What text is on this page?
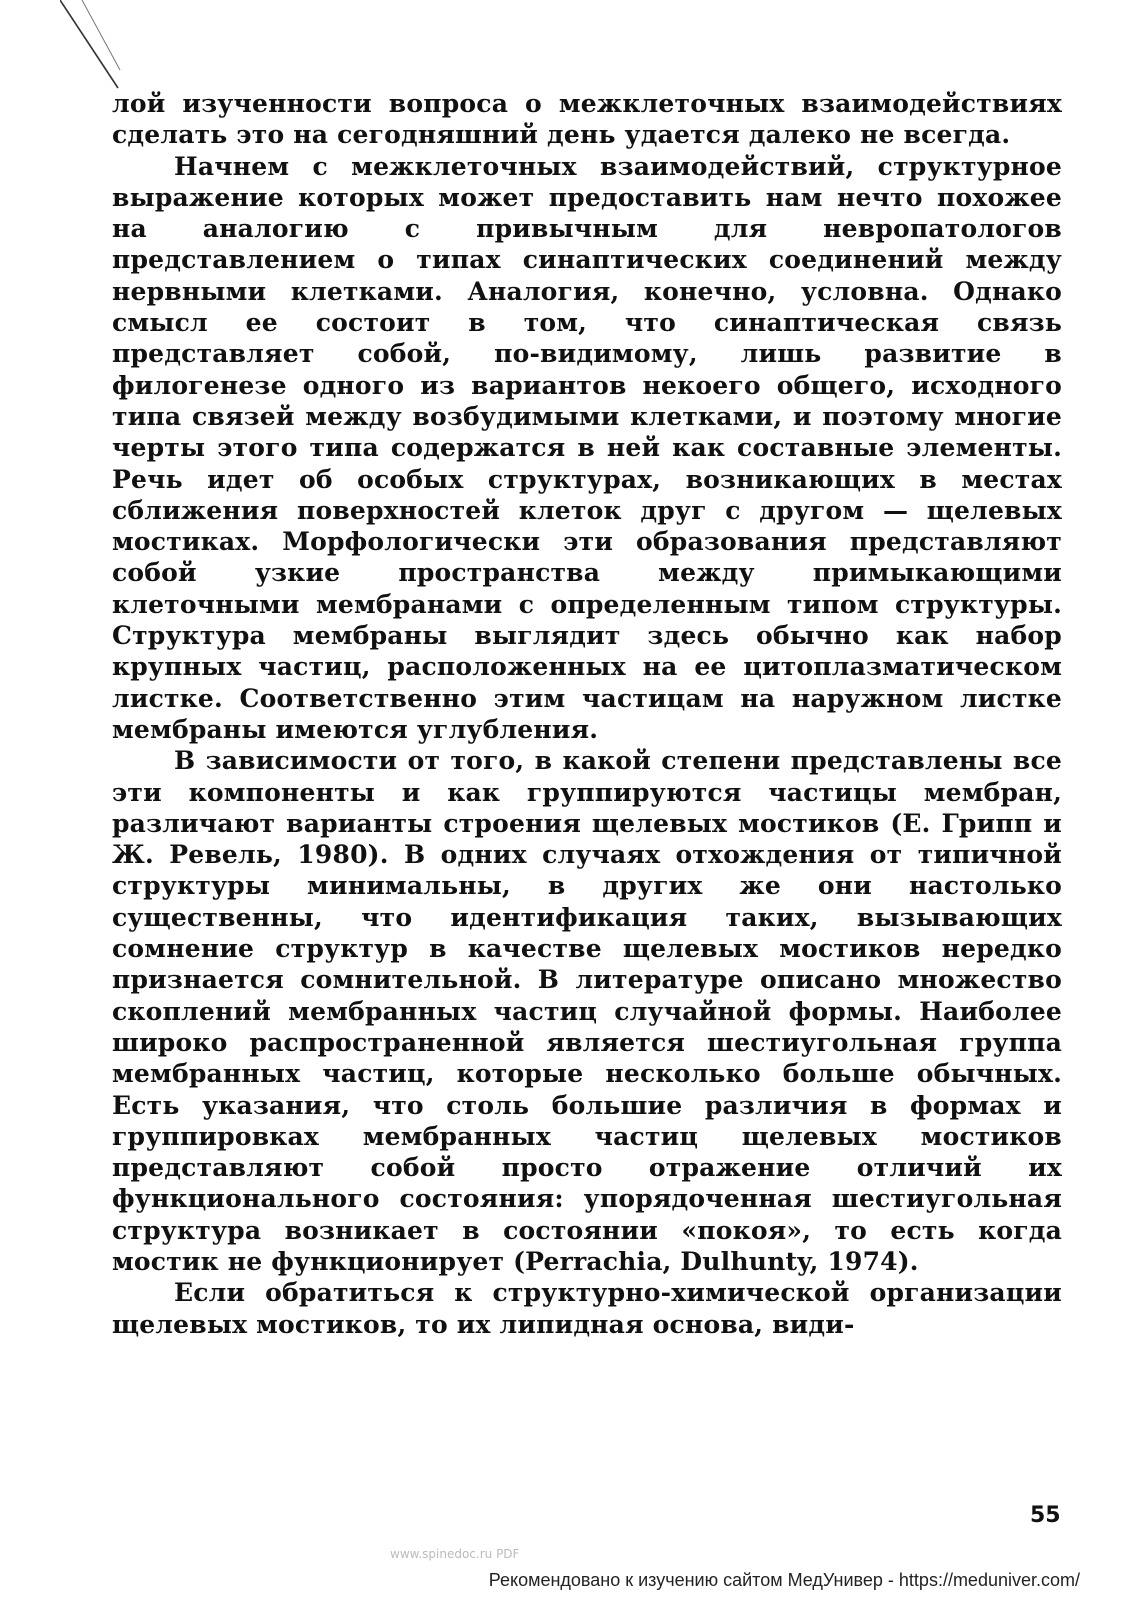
лой изученности вопроса о межклеточных взаимодействиях сделать это на сегодняшний день удается далеко не всегда.

Начнем с межклеточных взаимодействий, структурное выражение которых может предоставить нам нечто похожее на аналогию с привычным для невропатологов представлением о типах синаптических соединений между нервными клетками. Аналогия, конечно, условна. Однако смысл ее состоит в том, что синаптическая связь представляет собой, по-видимому, лишь развитие в филогенезе одного из вариантов некоего общего, исходного типа связей между возбудимыми клетками, и поэтому многие черты этого типа содержатся в ней как составные элементы. Речь идет об особых структурах, возникающих в местах сближения поверхностей клеток друг с другом — щелевых мостиках. Морфологически эти образования представляют собой узкие пространства между примыкающими клеточными мембранами с определенным типом структуры. Структура мембраны выглядит здесь обычно как набор крупных частиц, расположенных на ее цитоплазматическом листке. Соответственно этим частицам на наружном листке мембраны имеются углубления.

В зависимости от того, в какой степени представлены все эти компоненты и как группируются частицы мембран, различают варианты строения щелевых мостиков (Е. Грипп и Ж. Ревель, 1980). В одних случаях отхождения от типичной структуры минимальны, в других же они настолько существенны, что идентификация таких, вызывающих сомнение структур в качестве щелевых мостиков нередко признается сомнительной. В литературе описано множество скоплений мембранных частиц случайной формы. Наиболее широко распространенной является шестиугольная группа мембранных частиц, которые несколько больше обычных. Есть указания, что столь большие различия в формах и группировках мембранных частиц щелевых мостиков представляют собой просто отражение отличий их функционального состояния: упорядоченная шестиугольная структура возникает в состоянии «покоя», то есть когда мостик не функционирует (Perrachia, Dulhunty, 1974).

Если обратиться к структурно-химической организации щелевых мостиков, то их липидная основа, види-

55
www.spinedoc.ru PDF
Рекомендовано к изучению сайтом МедУнивер - https://meduniver.com/
